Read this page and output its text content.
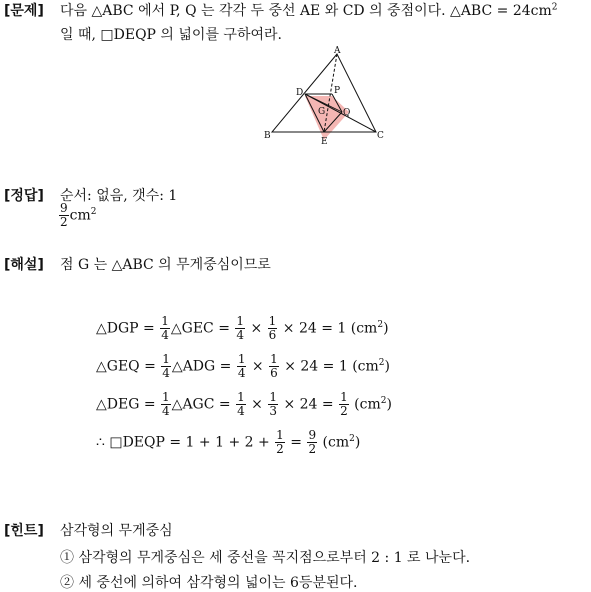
[문제] 다음 △ABC 에서 P, Q 는 각각 두 중선 AE 와 CD 의 중점이다. △ABC = $24cm^2$
일 때, □DEQP 의 넓이를 구하여라.
A
B	C
D
E
P
Q
G
[정답] 순서: 없음, 갯수: 1
$\frac{9}{2} cm^2$
[해설] 점 G 는 △ABC 의 무게중심이므로
△DGP = $\frac{1}{4}$ △GEC = $\frac{1}{4} \times \frac{1}{6} \times 24 = 1$ $(cm^2)$
△GEQ = $\frac{1}{4}$ △ADG = $\frac{1}{4} \times \frac{1}{6} \times 24 = 1$ $(cm^2)$
△DEG = $\frac{1}{4}$ △AGC = $\frac{1}{4} \times \frac{1}{3} \times 24 = \frac{1}{2} (cm^2)$
∴ □DEQP = $1 + 1 + 2 + \frac{1}{2} = \frac{9}{2} (cm^2)$
[힌트] 삼각형의 무게중심
① 삼각형의 무게중심은 세 중선을 꼭지점으로부터 2 : 1 로 나눈다.
② 세 중선에 의하여 삼각형의 넓이는 6등분된다.
